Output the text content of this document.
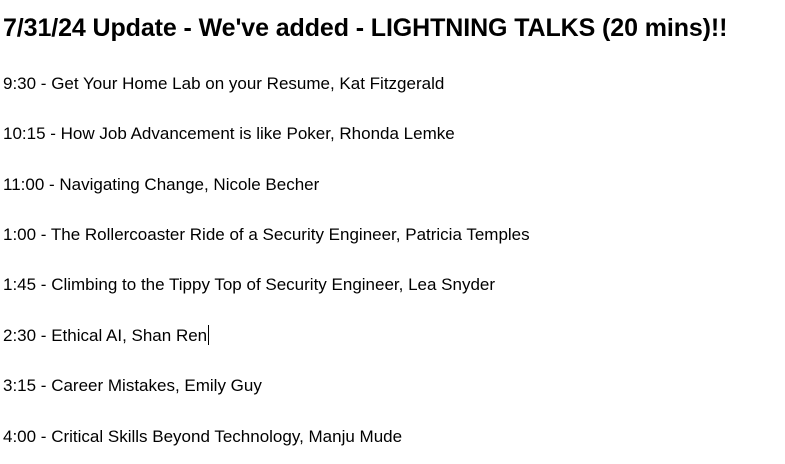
7/31/24 Update - We've added - LIGHTNING TALKS (20 mins)!!
9:30 - Get Your Home Lab on your Resume, Kat Fitzgerald
10:15 - How Job Advancement is like Poker, Rhonda Lemke
11:00 - Navigating Change, Nicole Becher
1:00 - The Rollercoaster Ride of a Security Engineer, Patricia Temples
1:45 - Climbing to the Tippy Top of Security Engineer, Lea Snyder
2:30 - Ethical AI, Shan Ren
3:15 - Career Mistakes, Emily Guy
4:00 - Critical Skills Beyond Technology, Manju Mude
